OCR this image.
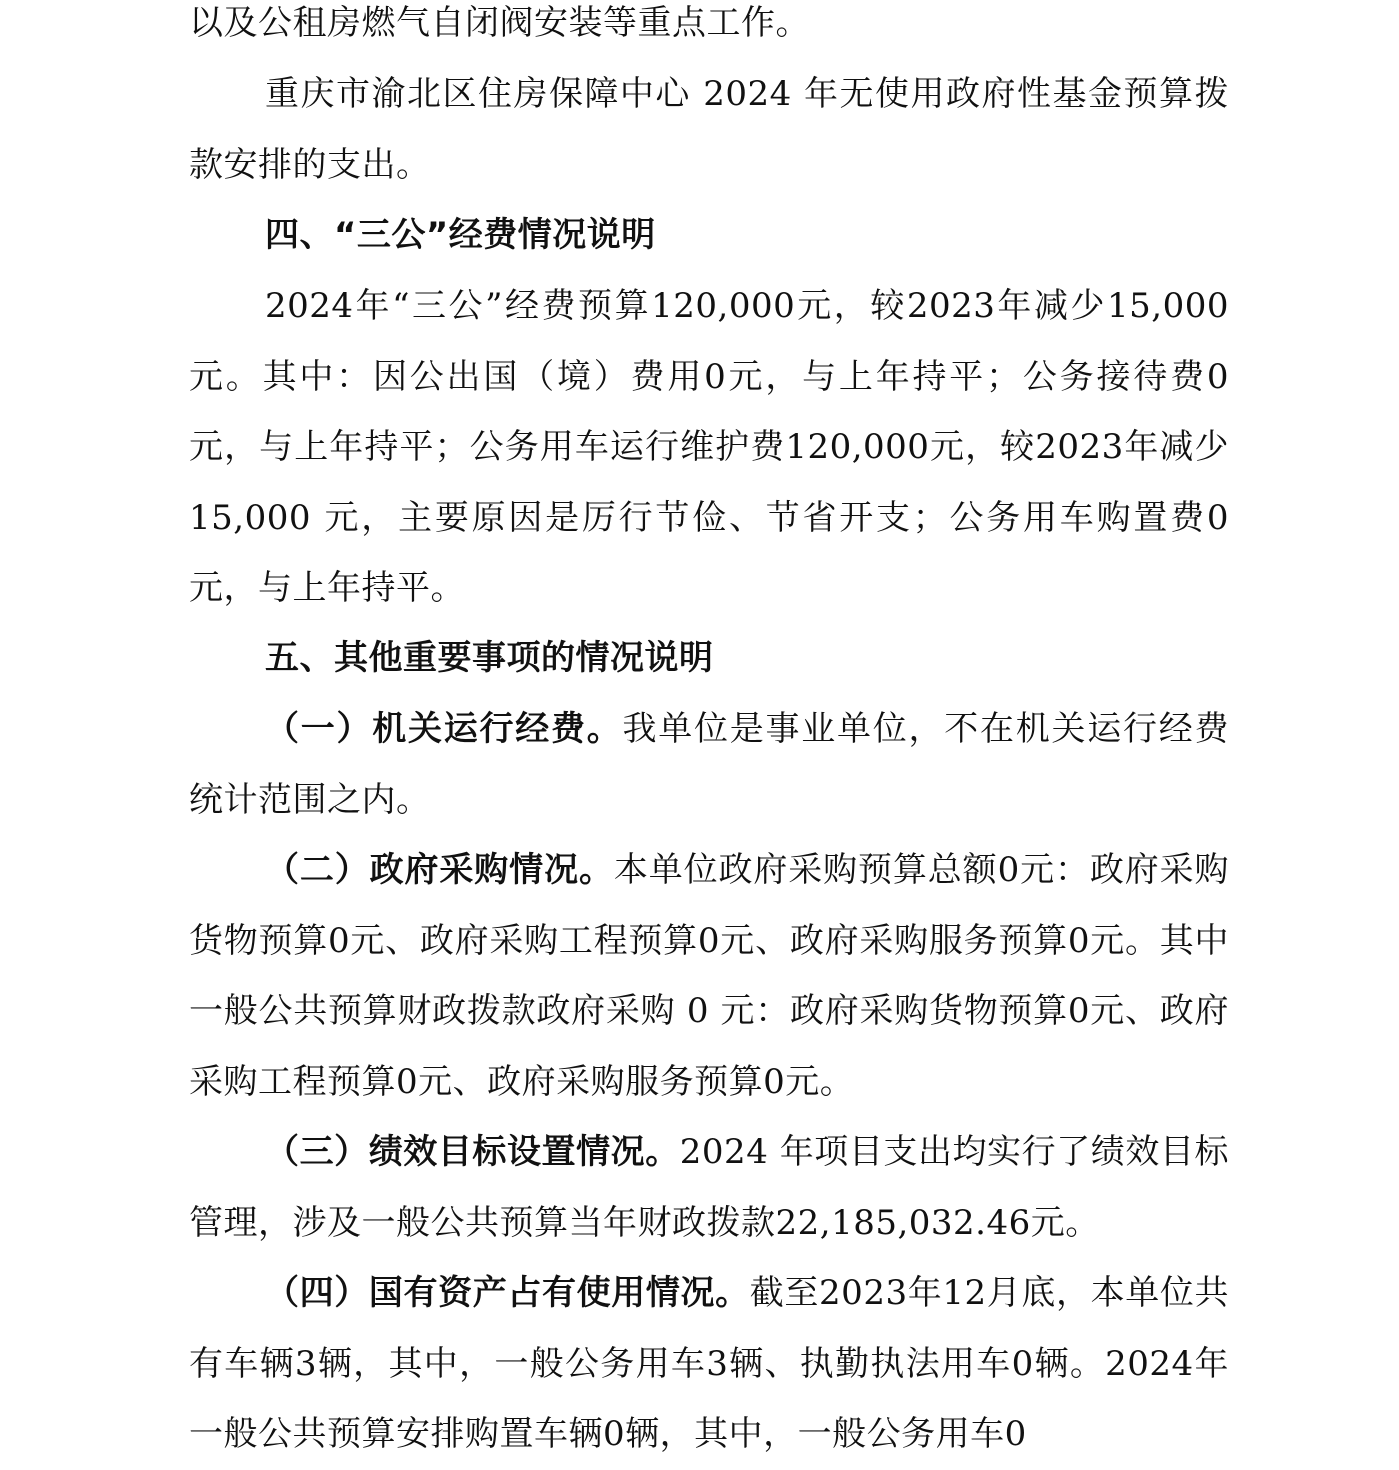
以及公租房燃气自闭阀安装等重点工作。

重庆市渝北区住房保障中心 2024 年无使用政府性基金预算拨款安排的支出。

四、“三公”经费情况说明

2024年“三公”经费预算120,000元，较2023年减少15,000元。其中：因公出国（境）费用0元，与上年持平；公务接待费0元，与上年持平；公务用车运行维护费120,000元，较2023年减少 15,000 元，主要原因是厉行节俭、节省开支；公务用车购置费0元，与上年持平。

五、其他重要事项的情况说明

（一）机关运行经费。我单位是事业单位，不在机关运行经费统计范围之内。

（二）政府采购情况。本单位政府采购预算总额0元：政府采购货物预算0元、政府采购工程预算0元、政府采购服务预算0元。其中一般公共预算财政拨款政府采购 0 元：政府采购货物预算0元、政府采购工程预算0元、政府采购服务预算0元。

（三）绩效目标设置情况。2024 年项目支出均实行了绩效目标管理，涉及一般公共预算当年财政拨款22,185,032.46元。

（四）国有资产占有使用情况。截至2023年12月底，本单位共有车辆3辆，其中，一般公务用车3辆、执勤执法用车0辆。2024年一般公共预算安排购置车辆0辆，其中，一般公务用车0
